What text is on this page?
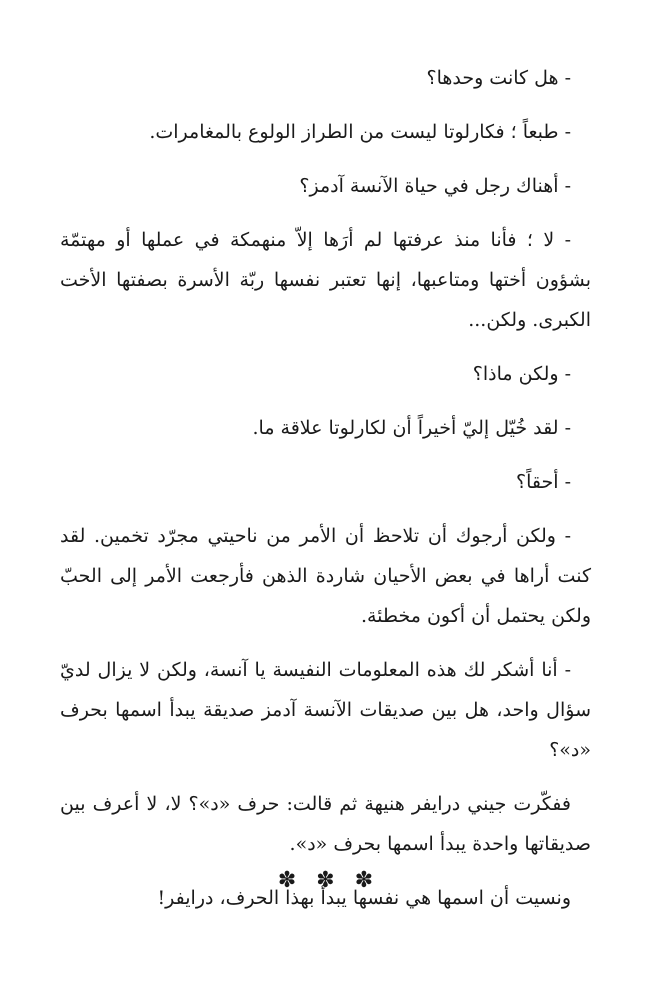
- هل كانت وحدها؟

- طبعاً ؛ فكارلوتا ليست من الطراز الولوع بالمغامرات.

- أهناك رجل في حياة الآنسة آدمز؟

- لا ؛ فأنا منذ عرفتها لم أرَها إلاّ منهمكة في عملها أو مهتمّة بشؤون أختها ومتاعبها، إنها تعتبر نفسها ربّة الأسرة بصفتها الأخت الكبرى. ولكن...

- ولكن ماذا؟

- لقد خُيّل إليّ أخيراً أن لكارلوتا علاقة ما.

- أحقاً؟

- ولكن أرجوك أن تلاحظ أن الأمر من ناحيتي مجرّد تخمين. لقد كنت أراها في بعض الأحيان شاردة الذهن فأرجعت الأمر إلى الحبّ ولكن يحتمل أن أكون مخطئة.

- أنا أشكر لك هذه المعلومات النفيسة يا آنسة، ولكن لا يزال لديّ سؤال واحد، هل بين صديقات الآنسة آدمز صديقة يبدأ اسمها بحرف «د»؟

ففكّرت جيني درايفر هنيهة ثم قالت: حرف «د»؟ لا، لا أعرف بين صديقاتها واحدة يبدأ اسمها بحرف «د».

ونسيت أن اسمها هي نفسها يبدأ بهذا الحرف، درايفر!

✽ ✽ ✽
